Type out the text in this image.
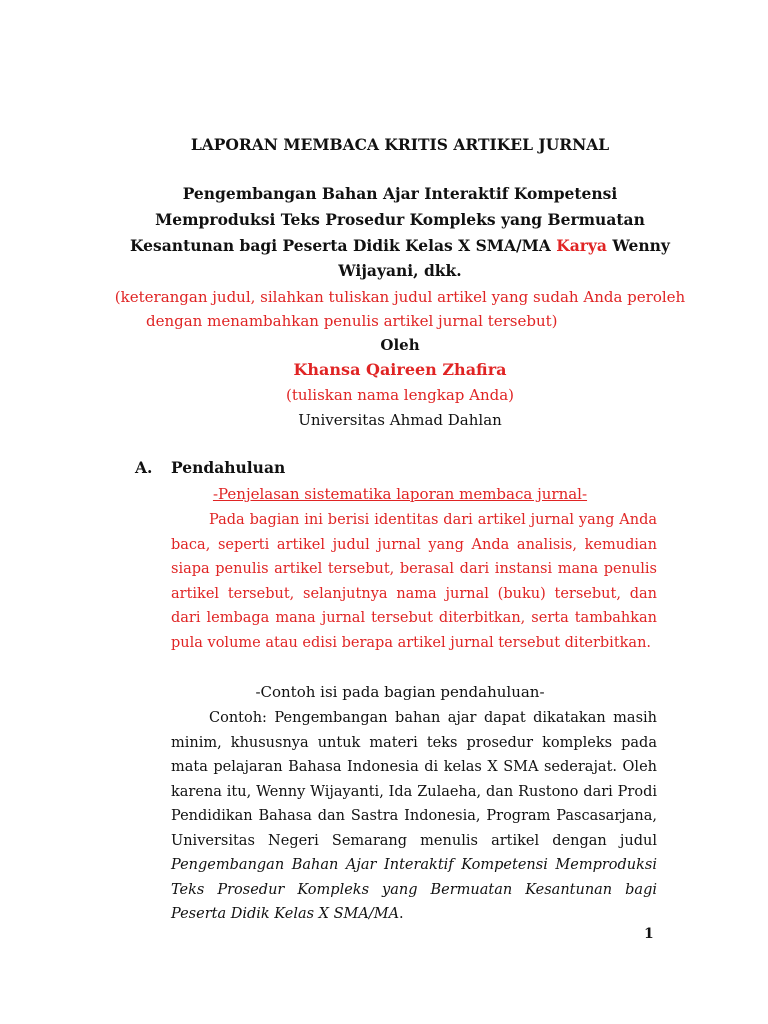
LAPORAN MEMBACA KRITIS ARTIKEL JURNAL
Pengembangan Bahan Ajar Interaktif Kompetensi
Memproduksi Teks Prosedur Kompleks yang Bermuatan
Kesantunan bagi Peserta Didik Kelas X SMA/MA Karya Wenny
Wijayani, dkk.
(keterangan judul, silahkan tuliskan judul artikel yang sudah Anda peroleh
dengan menambahkan penulis artikel jurnal tersebut)
Oleh
Khansa Qaireen Zhafira
(tuliskan nama lengkap Anda)
Universitas Ahmad Dahlan
A. Pendahuluan
-Penjelasan sistematika laporan membaca jurnal-

Pada bagian ini berisi identitas dari artikel jurnal yang Anda baca, seperti artikel judul jurnal yang Anda analisis, kemudian siapa penulis artikel tersebut, berasal dari instansi mana penulis artikel tersebut, selanjutnya nama jurnal (buku) tersebut, dan dari lembaga mana jurnal tersebut diterbitkan, serta tambahkan pula volume atau edisi berapa artikel jurnal tersebut diterbitkan.

-Contoh isi pada bagian pendahuluan-

Contoh: Pengembangan bahan ajar dapat dikatakan masih minim, khususnya untuk materi teks prosedur kompleks pada mata pelajaran Bahasa Indonesia di kelas X SMA sederajat. Oleh karena itu, Wenny Wijayanti, Ida Zulaeha, dan Rustono dari Prodi Pendidikan Bahasa dan Sastra Indonesia, Program Pascasarjana, Universitas Negeri Semarang menulis artikel dengan judul Pengembangan Bahan Ajar Interaktif Kompetensi Memproduksi Teks Prosedur Kompleks yang Bermuatan Kesantunan bagi Peserta Didik Kelas X SMA/MA.

1
